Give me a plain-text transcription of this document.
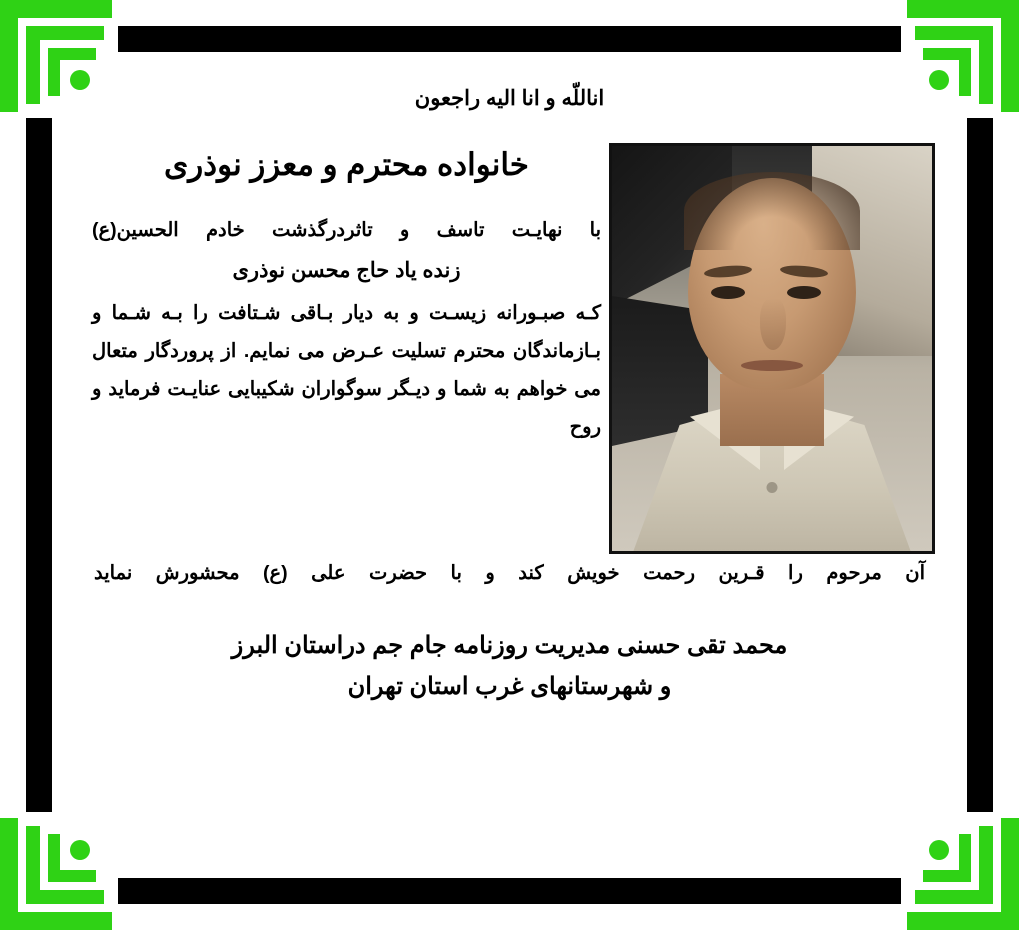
اناللّه و انا الیه راجعون
خانواده محترم و معزز نوذری

با نهایـت تاسف و تاثردرگذشت خادم الحسین(ع)
زنده یاد حاج محسن نوذری
کـه صبـورانه زیسـت و به دیار بـاقی شـتافت را بـه شـما و بـازماندگان محترم تسلیت عـرض می نمایم. از پروردگار متعال می خواهم به شما و دیـگر سوگواران شکیبایی عنایـت فرماید و روح

آن مرحوم را قـرین رحمت خویش کند و با حضرت علی (ع) محشورش نماید
محمد تقی حسنی مدیریت روزنامه جام جم دراستان البرز
و شهرستانهای غرب استان تهران
